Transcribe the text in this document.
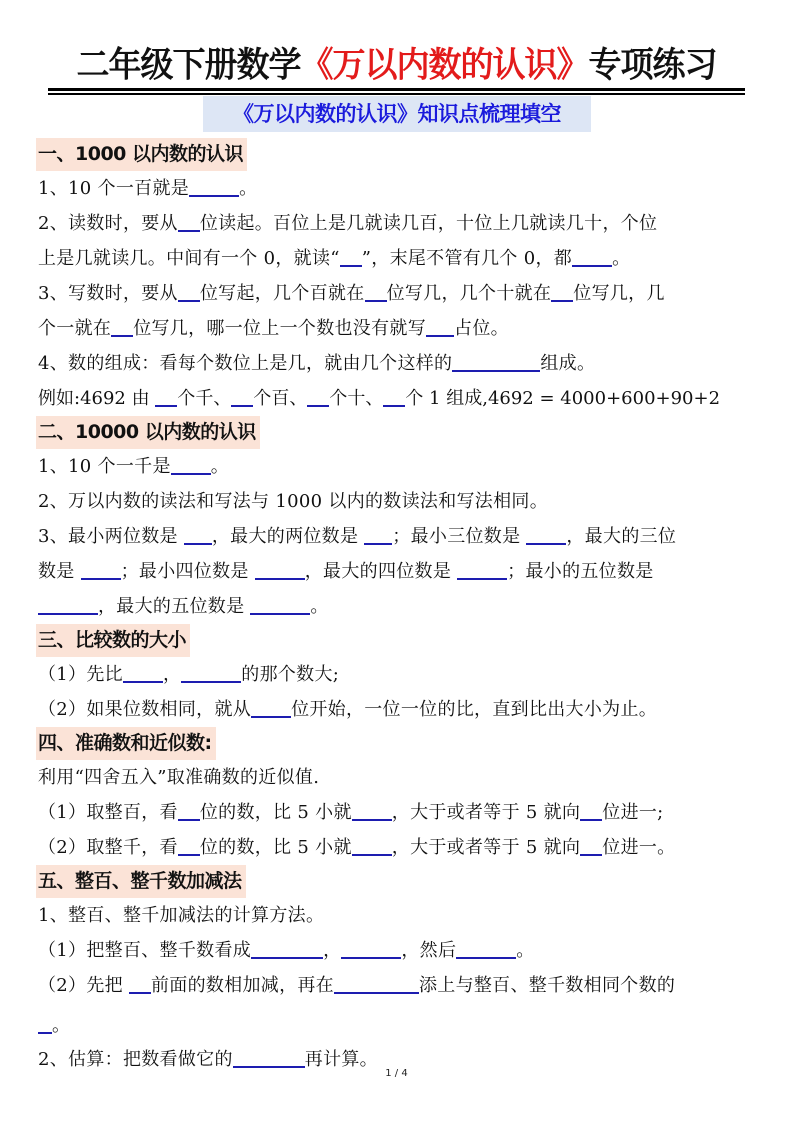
二年级下册数学《万以内数的认识》专项练习
《万以内数的认识》知识点梳理填空
一、1000 以内数的认识
1、10 个一百就是	。
2、读数时，要从 位读起。百位上是几就读几百，十位上几就读几十，个位
上是几就读几。中间有一个 0，就读“ ”，末尾不管有几个 0，都 。
3、写数时，要从 位写起，几个百就在 位写几，几个十就在 位写几，几
个一就在 位写几，哪一位上一个数也没有就写 占位。
4、数的组成：看每个数位上是几，就由几个这样的	组成。
例如:4692 由 个千、 个百、 个十、 个 1 组成,4692 = 4000+600+90+2
二、10000 以内数的认识
1、10 个一千是 。
2、万以内数的读法和写法与 1000 以内的数读法和写法相同。
3、最小两位数是 ，最大的两位数是 ；最小三位数是 ，最大的三位
数是 ；最小四位数是	，最大的四位数是	；最小的五位数是
，最大的五位数是	。
三、比较数的大小
（1）先比 ，	的那个数大;
（2）如果位数相同，就从 位开始，一位一位的比，直到比出大小为止。
四、准确数和近似数:
利用“四舍五入”取准确数的近似值.
（1）取整百，看 位的数，比 5 小就 ，大于或者等于 5 就向 位进一;
（2）取整千，看 位的数，比 5 小就 ，大于或者等于 5 就向 位进一。
五、整百、整千数加减法
1、整百、整千加减法的计算方法。
（1）把整百、整千数看成	，	，然后	。
（2）先把 前面的数相加减，再在	添上与整百、整千数相同个数的
。
2、估算：把数看做它的	再计算。
1 / 4
